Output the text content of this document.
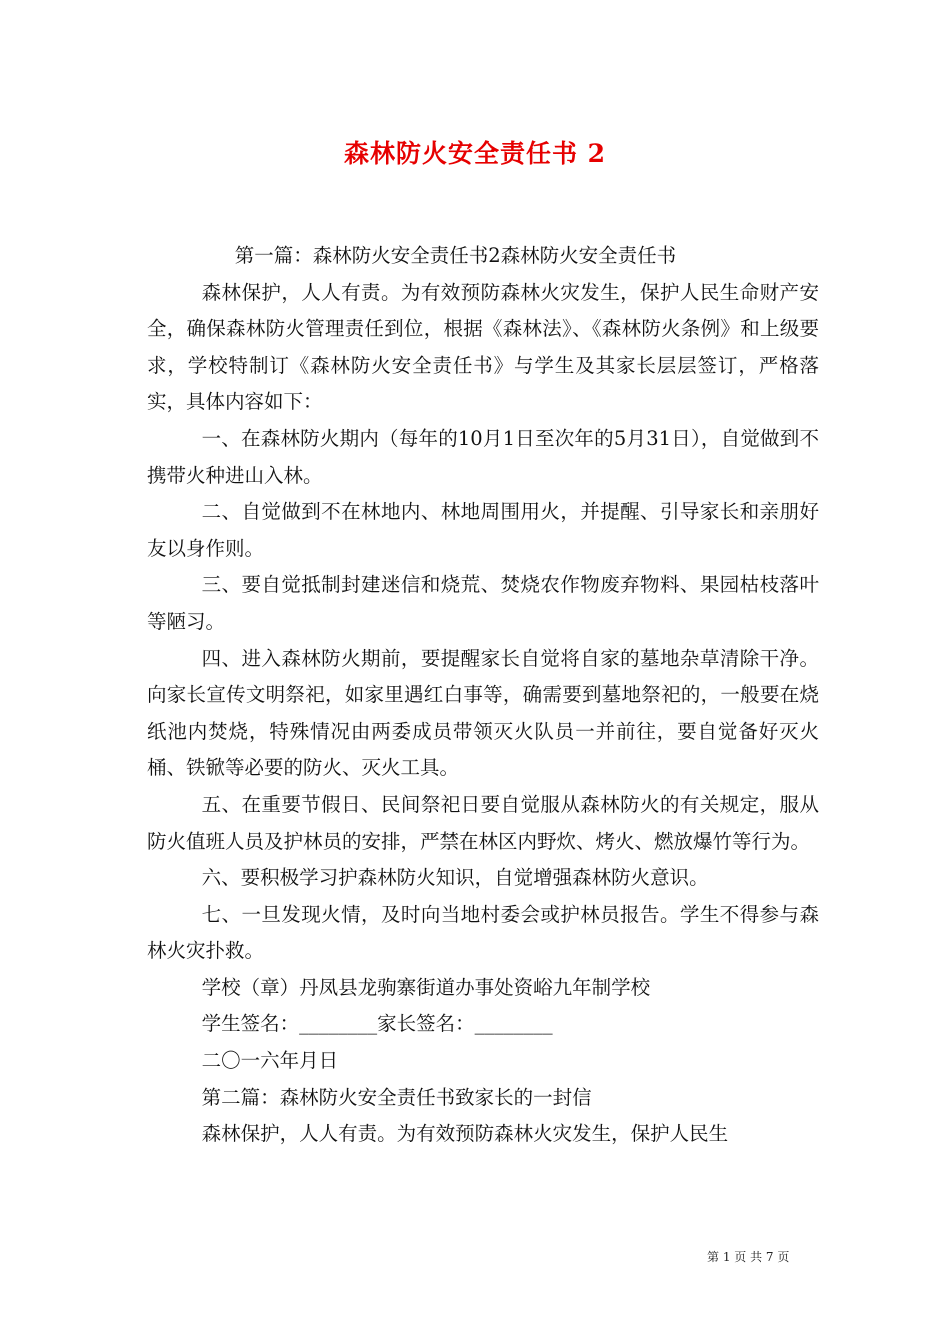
森林防火安全责任书 2

第一篇：森林防火安全责任书2森林防火安全责任书

森林保护，人人有责。为有效预防森林火灾发生，保护人民生命财产安全，确保森林防火管理责任到位，根据《森林法》、《森林防火条例》和上级要求，学校特制订《森林防火安全责任书》与学生及其家长层层签订，严格落实，具体内容如下：

一、在森林防火期内（每年的10月1日至次年的5月31日），自觉做到不携带火种进山入林。

二、自觉做到不在林地内、林地周围用火，并提醒、引导家长和亲朋好友以身作则。

三、要自觉抵制封建迷信和烧荒、焚烧农作物废弃物料、果园枯枝落叶等陋习。

四、进入森林防火期前，要提醒家长自觉将自家的墓地杂草清除干净。向家长宣传文明祭祀，如家里遇红白事等，确需要到墓地祭祀的，一般要在烧纸池内焚烧，特殊情况由两委成员带领灭火队员一并前往，要自觉备好灭火桶、铁锨等必要的防火、灭火工具。

五、在重要节假日、民间祭祀日要自觉服从森林防火的有关规定，服从防火值班人员及护林员的安排，严禁在林区内野炊、烤火、燃放爆竹等行为。

六、要积极学习护森林防火知识，自觉增强森林防火意识。

七、一旦发现火情，及时向当地村委会或护林员报告。学生不得参与森林火灾扑救。

学校（章）丹凤县龙驹寨街道办事处资峪九年制学校

学生签名：________家长签名：________

二〇一六年月日

第二篇：森林防火安全责任书致家长的一封信

森林保护，人人有责。为有效预防森林火灾发生，保护人民生

第 1 页 共 7 页
